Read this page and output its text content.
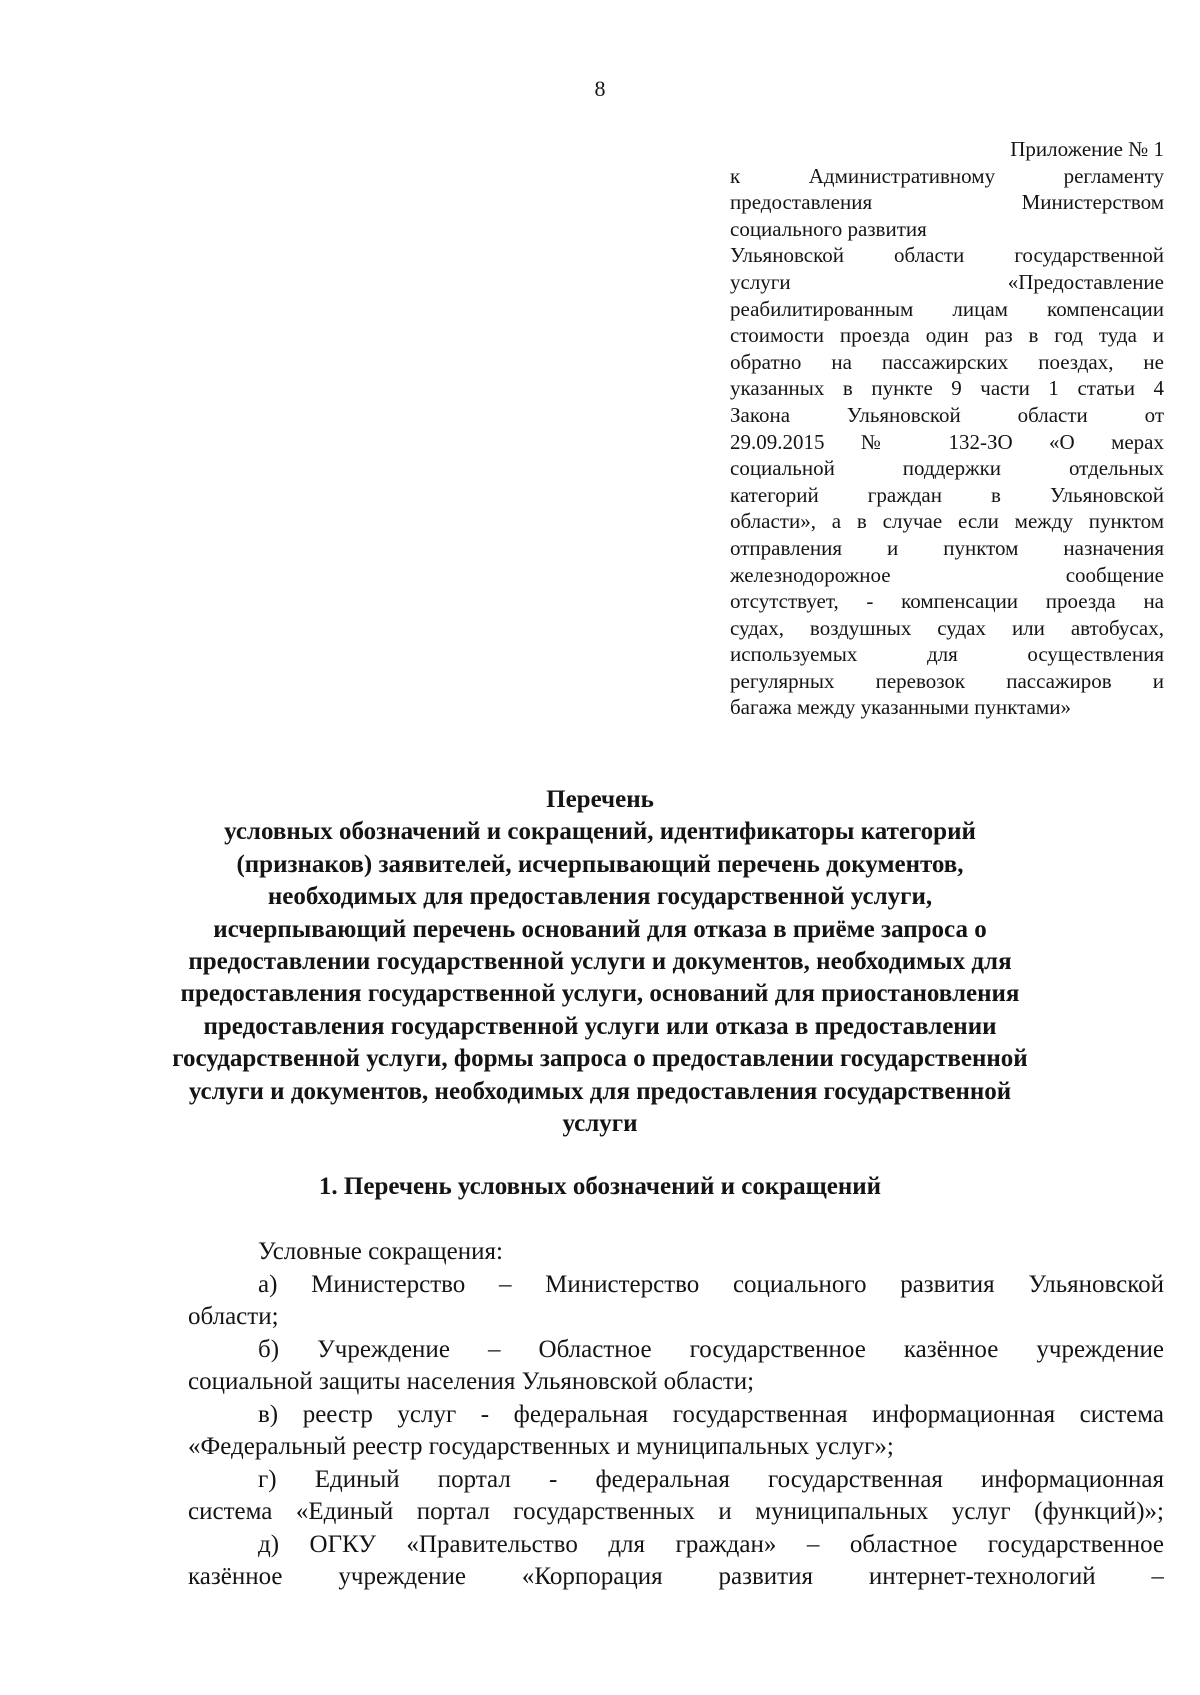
8
Приложение № 1
к Административному регламенту
предоставления Министерством
социального развития
Ульяновской области государственной
услуги «Предоставление
реабилитированным лицам компенсации
стоимости проезда один раз в год туда и
обратно на пассажирских поездах, не
указанных в пункте 9 части 1 статьи 4
Закона Ульяновской области от
29.09.2015 № 132-ЗО «О мерах
социальной поддержки отдельных
категорий граждан в Ульяновской
области», а в случае если между пунктом
отправления и пунктом назначения
железнодорожное сообщение
отсутствует, - компенсации проезда на
судах, воздушных судах или автобусах,
используемых для осуществления
регулярных перевозок пассажиров и
багажа между указанными пунктами»
Перечень
условных обозначений и сокращений, идентификаторы категорий
(признаков) заявителей, исчерпывающий перечень документов,
необходимых для предоставления государственной услуги,
исчерпывающий перечень оснований для отказа в приёме запроса о
предоставлении государственной услуги и документов, необходимых для
предоставления государственной услуги, оснований для приостановления
предоставления государственной услуги или отказа в предоставлении
государственной услуги, формы запроса о предоставлении государственной
услуги и документов, необходимых для предоставления государственной
услуги
1. Перечень условных обозначений и сокращений
Условные сокращения:
а) Министерство – Министерство социального развития Ульяновской
области;
б) Учреждение – Областное государственное казённое учреждение
социальной защиты населения Ульяновской области;
в) реестр услуг - федеральная государственная информационная система
«Федеральный реестр государственных и муниципальных услуг»;
г) Единый портал - федеральная государственная информационная
система «Единый портал государственных и муниципальных услуг (функций)»;
д) ОГКУ «Правительство для граждан» – областное государственное
казённое учреждение «Корпорация развития интернет-технологий –
